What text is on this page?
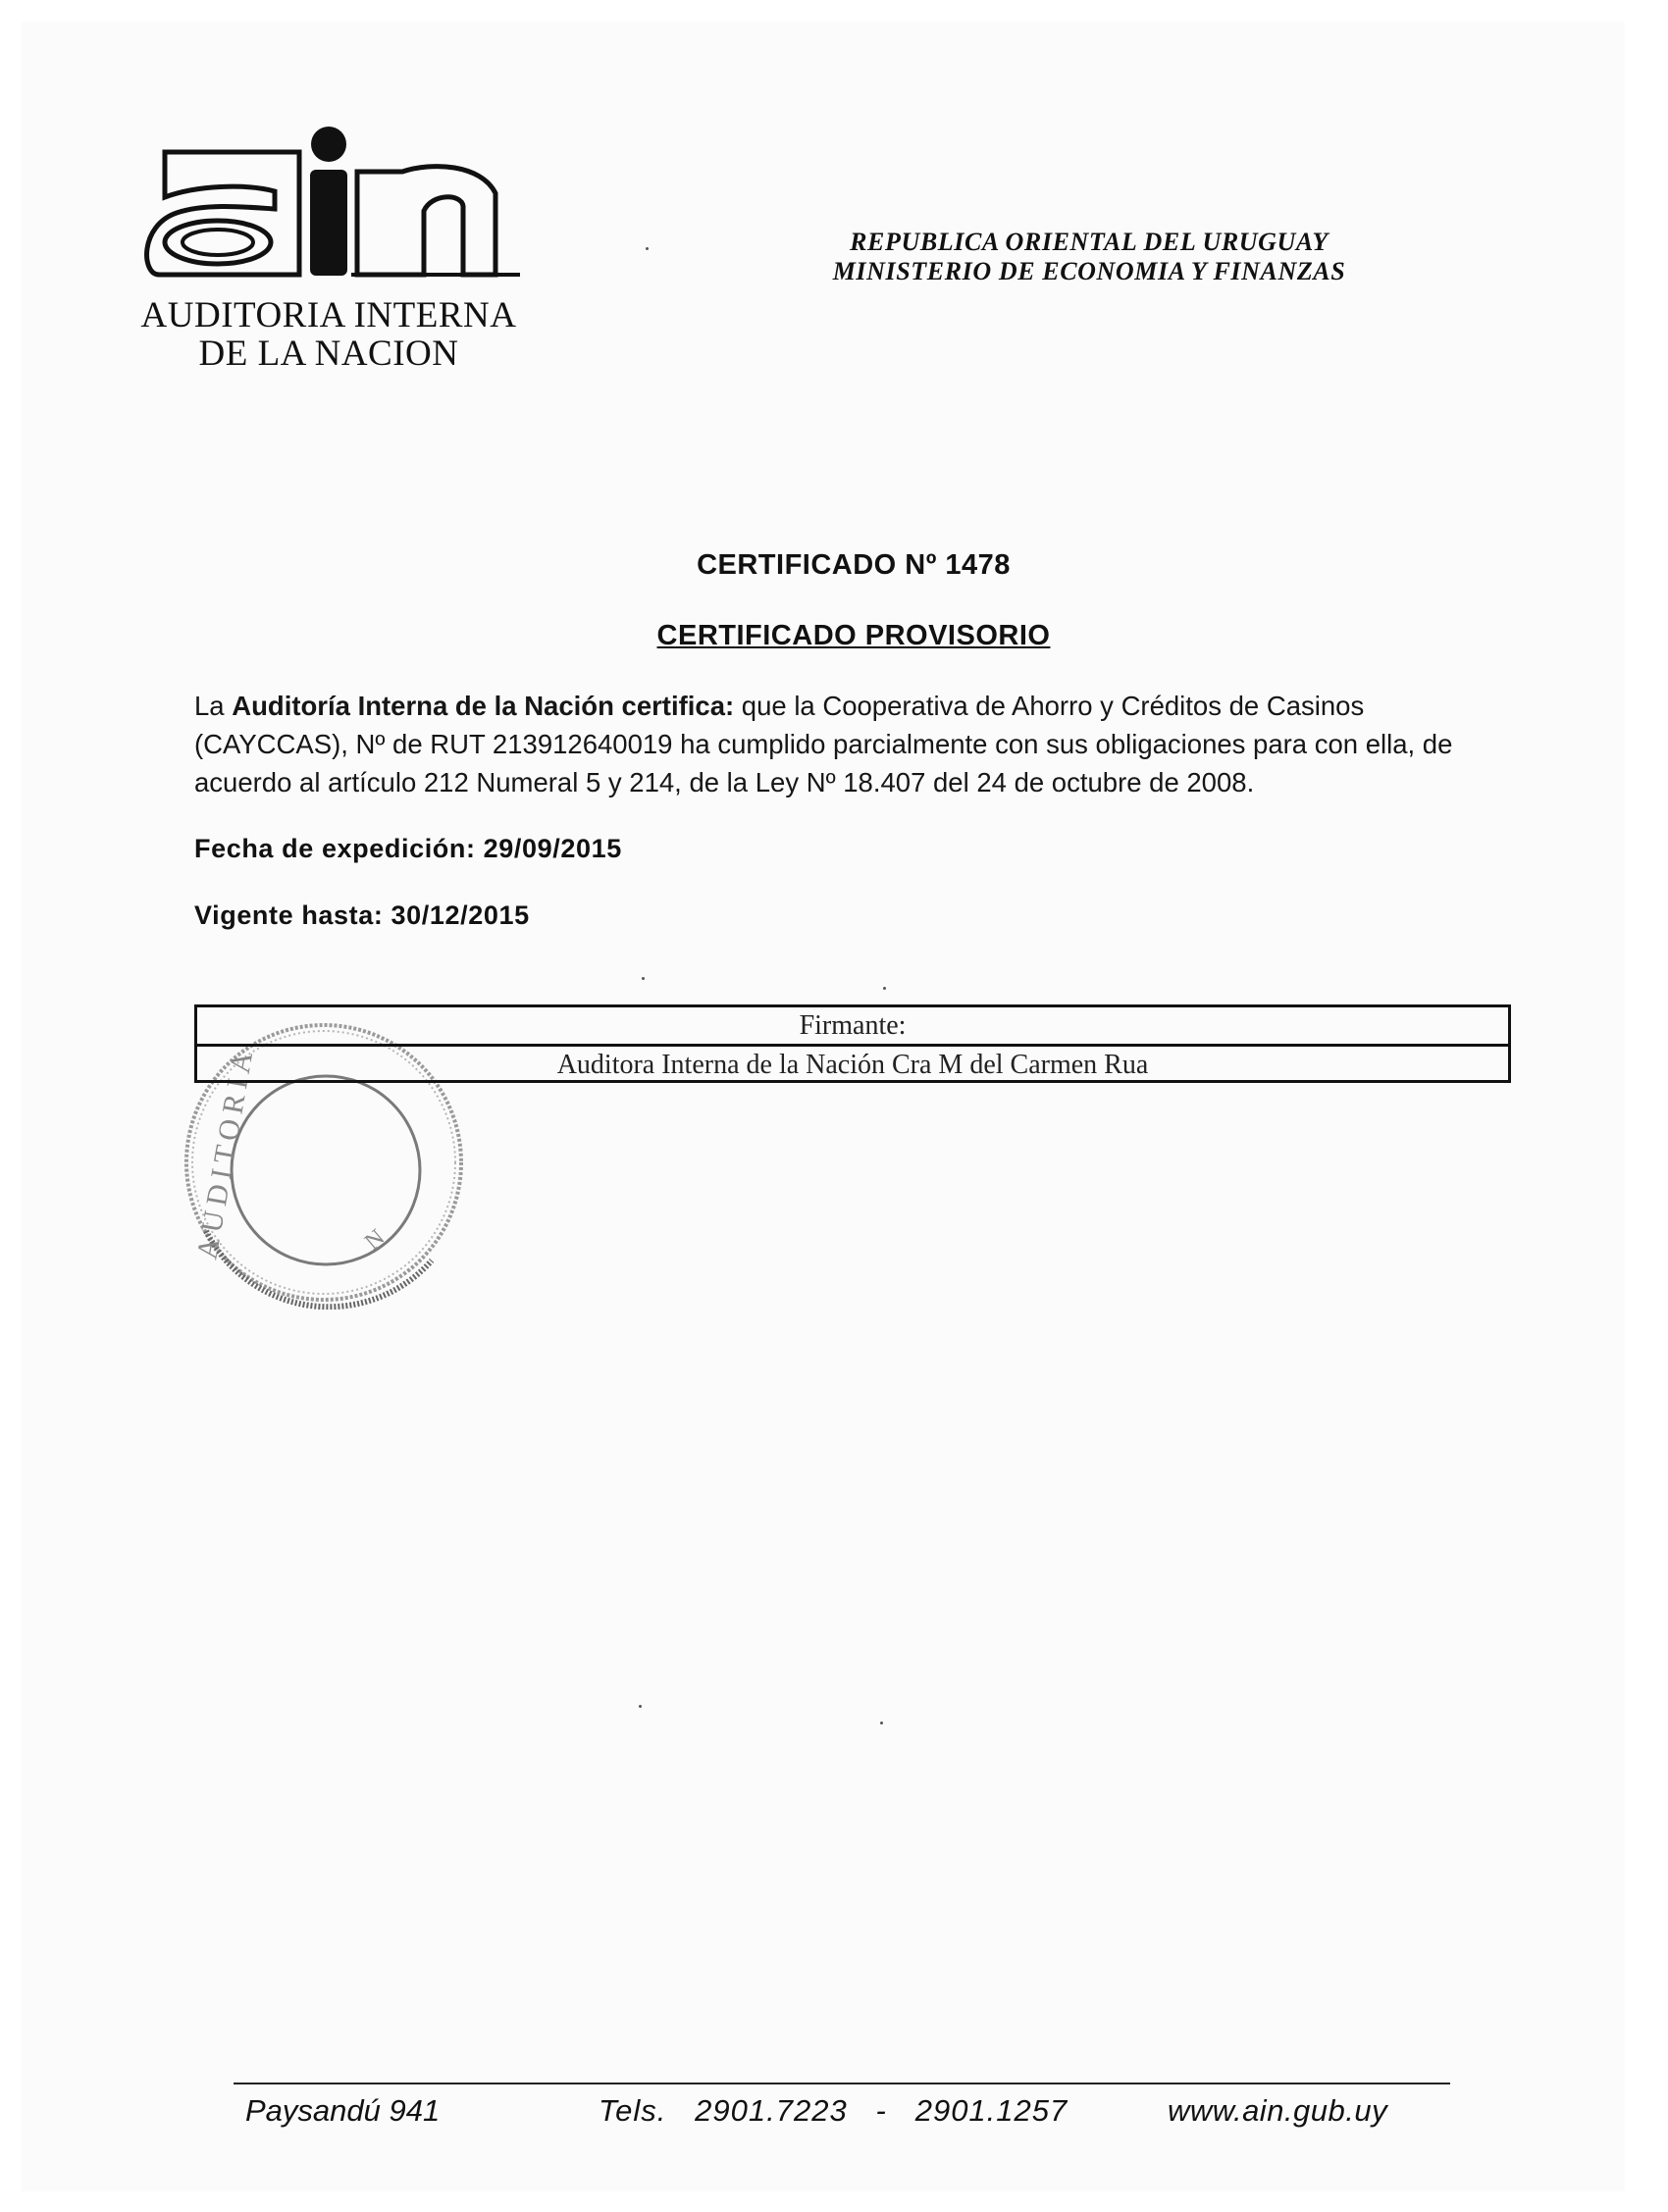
AUDITORIA INTERNA
DE LA NACION
REPUBLICA ORIENTAL DEL URUGUAY
MINISTERIO DE ECONOMIA Y FINANZAS
CERTIFICADO Nº 1478
CERTIFICADO PROVISORIO
La Auditoría Interna de la Nación certifica: que la Cooperativa de Ahorro y Créditos de Casinos (CAYCCAS), Nº de RUT 213912640019 ha cumplido parcialmente con sus obligaciones para con ella, de acuerdo al artículo 212 Numeral 5 y 214, de la Ley Nº 18.407 del 24 de octubre de 2008.
Fecha de expedición: 29/09/2015
Vigente hasta: 30/12/2015
AUDITORIA	N
Firmante:
Auditora Interna de la Nación Cra M del Carmen Rua
Paysandú 941	Tels.   2901.7223   -   2901.1257	www.ain.gub.uy
